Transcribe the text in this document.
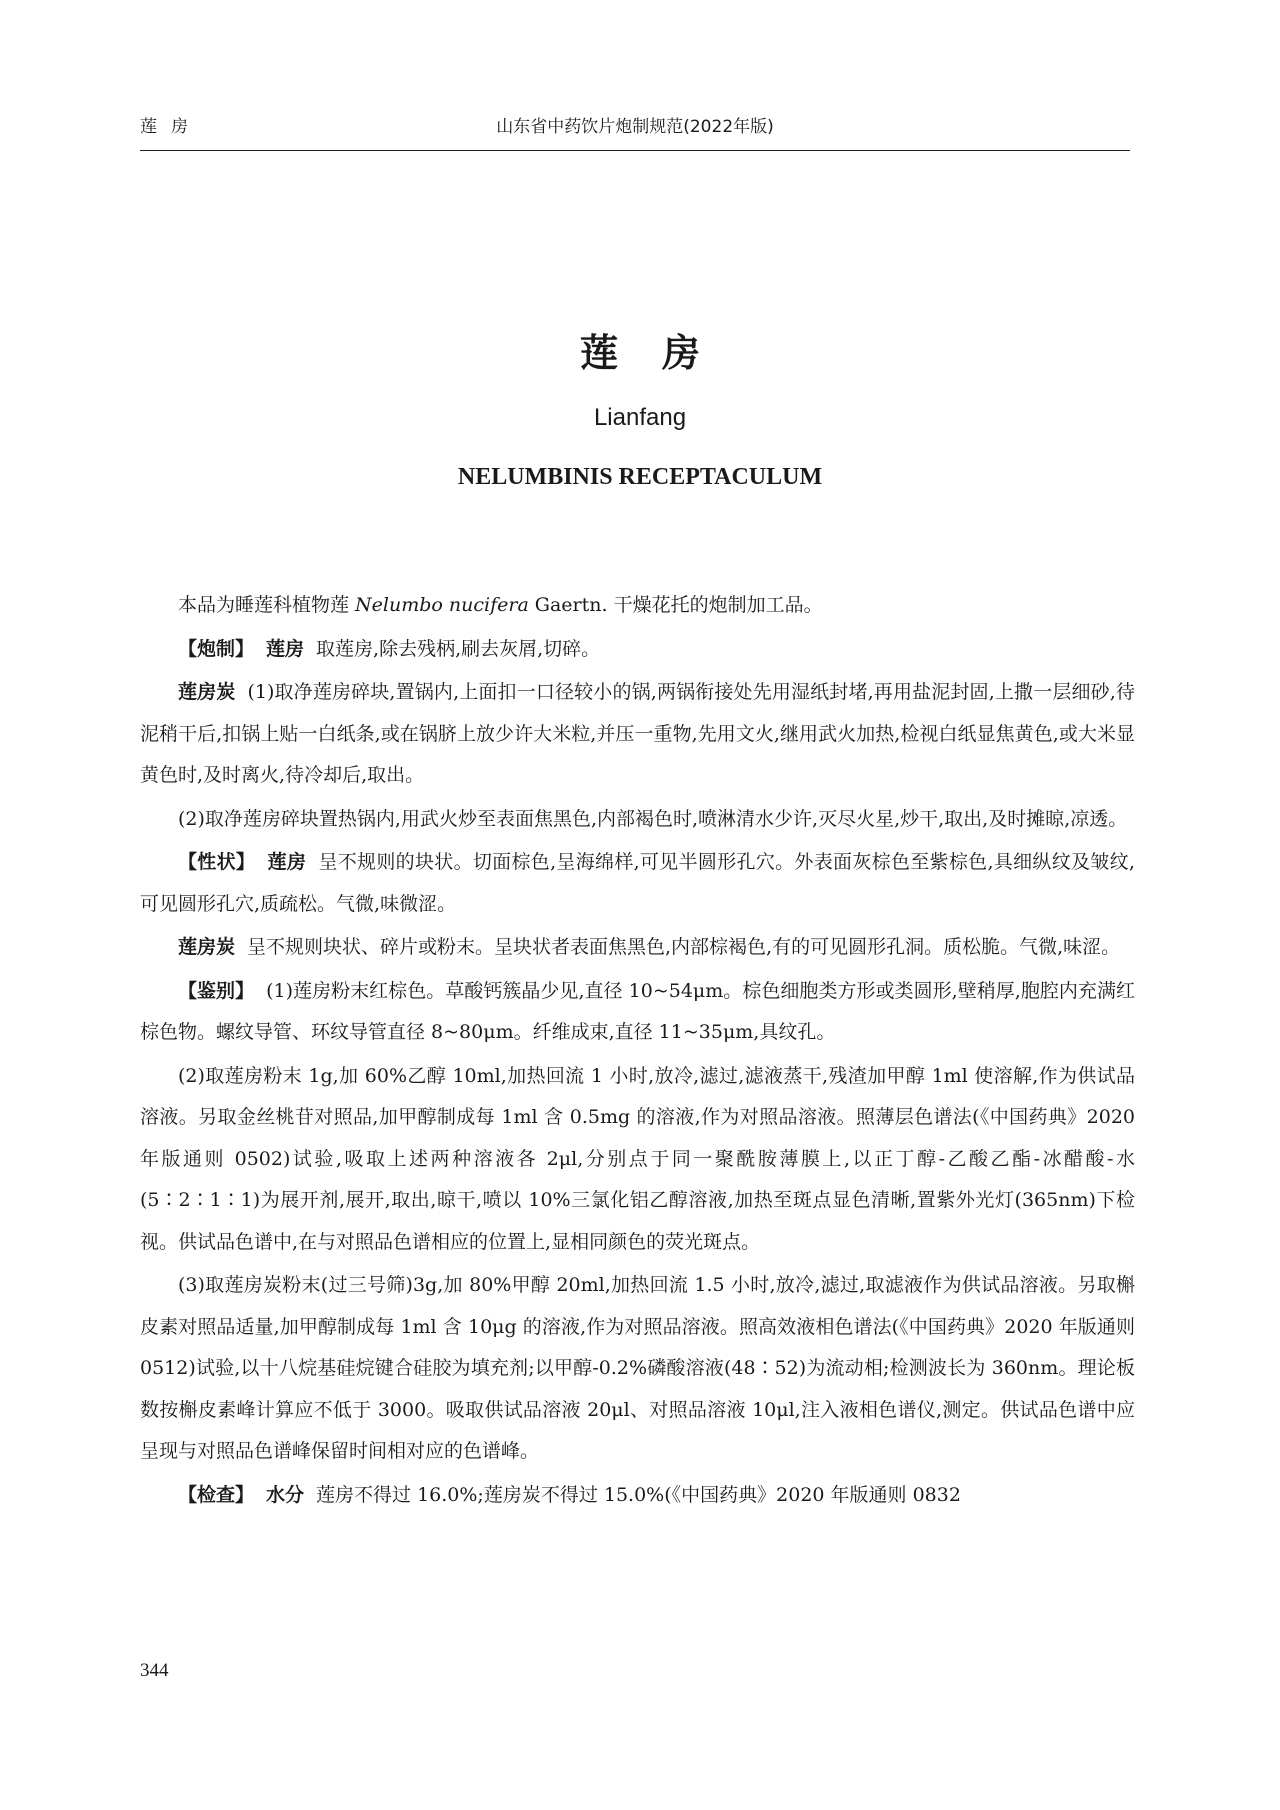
莲房	山东省中药饮片炮制规范(2022年版)
莲房
Lianfang
NELUMBINIS RECEPTACULUM

本品为睡莲科植物莲 Nelumbo nucifera Gaertn. 干燥花托的炮制加工品。

【炮制】 莲房 取莲房,除去残柄,刷去灰屑,切碎。

莲房炭 (1)取净莲房碎块,置锅内,上面扣一口径较小的锅,两锅衔接处先用湿纸封堵,再用盐泥封固,上撒一层细砂,待泥稍干后,扣锅上贴一白纸条,或在锅脐上放少许大米粒,并压一重物,先用文火,继用武火加热,检视白纸显焦黄色,或大米显黄色时,及时离火,待冷却后,取出。

(2)取净莲房碎块置热锅内,用武火炒至表面焦黑色,内部褐色时,喷淋清水少许,灭尽火星,炒干,取出,及时摊晾,凉透。

【性状】 莲房 呈不规则的块状。切面棕色,呈海绵样,可见半圆形孔穴。外表面灰棕色至紫棕色,具细纵纹及皱纹,可见圆形孔穴,质疏松。气微,味微涩。

莲房炭 呈不规则块状、碎片或粉末。呈块状者表面焦黑色,内部棕褐色,有的可见圆形孔洞。质松脆。气微,味涩。

【鉴别】 (1)莲房粉末红棕色。草酸钙簇晶少见,直径 10~54μm。棕色细胞类方形或类圆形,壁稍厚,胞腔内充满红棕色物。螺纹导管、环纹导管直径 8~80μm。纤维成束,直径 11~35μm,具纹孔。

(2)取莲房粉末 1g,加 60%乙醇 10ml,加热回流 1 小时,放冷,滤过,滤液蒸干,残渣加甲醇 1ml 使溶解,作为供试品溶液。另取金丝桃苷对照品,加甲醇制成每 1ml 含 0.5mg 的溶液,作为对照品溶液。照薄层色谱法(《中国药典》2020 年版通则 0502)试验,吸取上述两种溶液各 2μl,分别点于同一聚酰胺薄膜上,以正丁醇-乙酸乙酯-冰醋酸-水(5∶2∶1∶1)为展开剂,展开,取出,晾干,喷以 10%三氯化铝乙醇溶液,加热至斑点显色清晰,置紫外光灯(365nm)下检视。供试品色谱中,在与对照品色谱相应的位置上,显相同颜色的荧光斑点。

(3)取莲房炭粉末(过三号筛)3g,加 80%甲醇 20ml,加热回流 1.5 小时,放冷,滤过,取滤液作为供试品溶液。另取槲皮素对照品适量,加甲醇制成每 1ml 含 10μg 的溶液,作为对照品溶液。照高效液相色谱法(《中国药典》2020 年版通则 0512)试验,以十八烷基硅烷键合硅胶为填充剂;以甲醇-0.2%磷酸溶液(48∶52)为流动相;检测波长为 360nm。理论板数按槲皮素峰计算应不低于 3000。吸取供试品溶液 20μl、对照品溶液 10μl,注入液相色谱仪,测定。供试品色谱中应呈现与对照品色谱峰保留时间相对应的色谱峰。

【检查】 水分 莲房不得过 16.0%;莲房炭不得过 15.0%(《中国药典》2020 年版通则 0832

344
